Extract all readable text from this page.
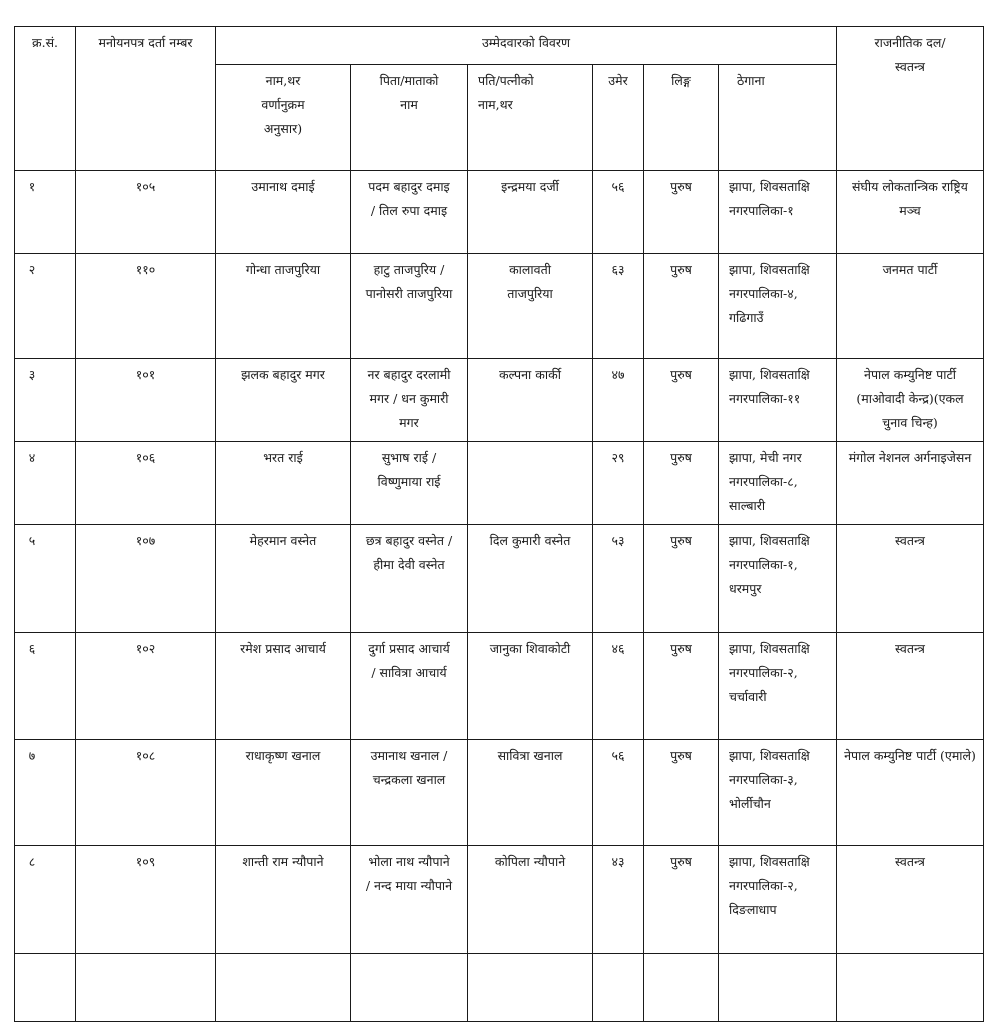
क्र.सं.	मनोयनपत्र दर्ता नम्बर	उम्मेदवारको विवरण						राजनीतिक दल/स्वतन्त्र
		नाम,थर वर्णानुक्रम अनुसार)	पिता/माताको नाम	पति/पत्नीको नाम,थर	उमेर	लिङ्ग	ठेगाना	
१	१०५	उमानाथ दमाई	पदम बहादुर दमाइ / तिल रुपा दमाइ	इन्द्रमया दर्जी	५६	पुरुष	झापा, शिवसताक्षि नगरपालिका-१	संघीय लोकतान्त्रिक राष्ट्रिय मञ्च
२	११०	गोन्धा ताजपुरिया	हाटु ताजपुरिय / पानोसरी ताजपुरिया	कालावती ताजपुरिया	६३	पुरुष	झापा, शिवसताक्षि नगरपालिका-४, गढिगाउँ	जनमत पार्टी
३	१०१	झलक बहादुर मगर	नर बहादुर दरलामी मगर / धन कुमारी मगर	कल्पना कार्की	४७	पुरुष	झापा, शिवसताक्षि नगरपालिका-११	नेपाल कम्युनिष्ट पार्टी (माओवादी केन्द्र)(एकल चुनाव चिन्ह)
४	१०६	भरत राई	सुभाष राई / विष्णुमाया राई		२९	पुरुष	झापा, मेची नगर नगरपालिका-८, साल्बारी	मंगोल नेशनल अर्गनाइजेसन
५	१०७	मेहरमान वस्नेत	छत्र बहादुर वस्नेत / हीमा देवी वस्नेत	दिल कुमारी वस्नेत	५३	पुरुष	झापा, शिवसताक्षि नगरपालिका-१, धरमपुर	स्वतन्त्र
६	१०२	रमेश प्रसाद आचार्य	दुर्गा प्रसाद आचार्य / सावित्रा आचार्य	जानुका शिवाकोटी	४६	पुरुष	झापा, शिवसताक्षि नगरपालिका-२, चर्चावारी	स्वतन्त्र
७	१०८	राधाकृष्ण खनाल	उमानाथ खनाल / चन्द्रकला खनाल	सावित्रा खनाल	५६	पुरुष	झापा, शिवसताक्षि नगरपालिका-३, भोर्लीचौन	नेपाल कम्युनिष्ट पार्टी (एमाले)
८	१०९	शान्ती राम न्यौपाने	भोला नाथ न्यौपाने / नन्द माया न्यौपाने	कोपिला न्यौपाने	४३	पुरुष	झापा, शिवसताक्षि नगरपालिका-२, दिङलाधाप	स्वतन्त्र
